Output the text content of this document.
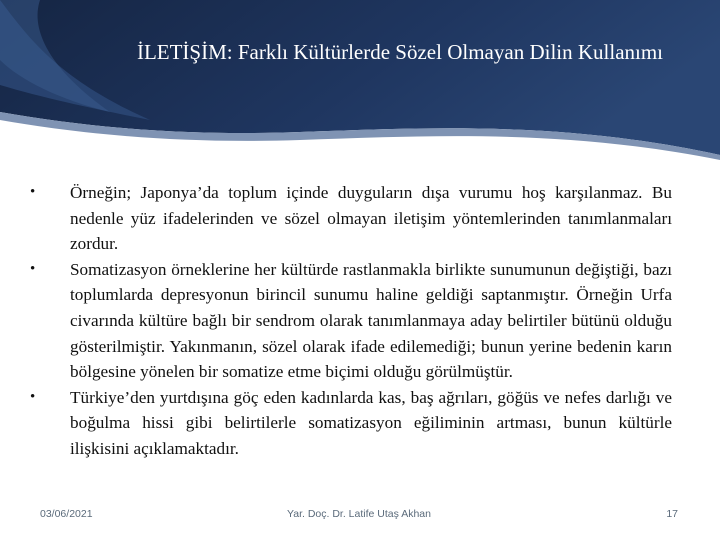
İLETİŞİM: Farklı Kültürlerde Sözel Olmayan Dilin Kullanımı

•	Örneğin; Japonya’da toplum içinde duyguların dışa vurumu hoş karşılanmaz. Bu nedenle yüz ifadelerinden ve sözel olmayan iletişim yöntemlerinden tanımlanmaları zordur.

•	Somatizasyon örneklerine her kültürde rastlanmakla birlikte sunumunun değiştiği, bazı toplumlarda depresyonun birincil sunumu haline geldiği saptanmıştır. Örneğin Urfa civarında kültüre bağlı bir sendrom olarak tanımlanmaya aday belirtiler bütünü olduğu gösterilmiştir. Yakınmanın, sözel olarak ifade edilemediği; bunun yerine bedenin karın bölgesine yönelen bir somatize etme biçimi olduğu görülmüştür.

•	Türkiye’den yurtdışına göç eden kadınlarda kas, baş ağrıları, göğüs ve nefes darlığı ve boğulma hissi gibi belirtilerle somatizasyon eğiliminin artması, bunun kültürle ilişkisini açıklamaktadır.

03/06/2021	Yar. Doç. Dr. Latife Utaş Akhan	17
